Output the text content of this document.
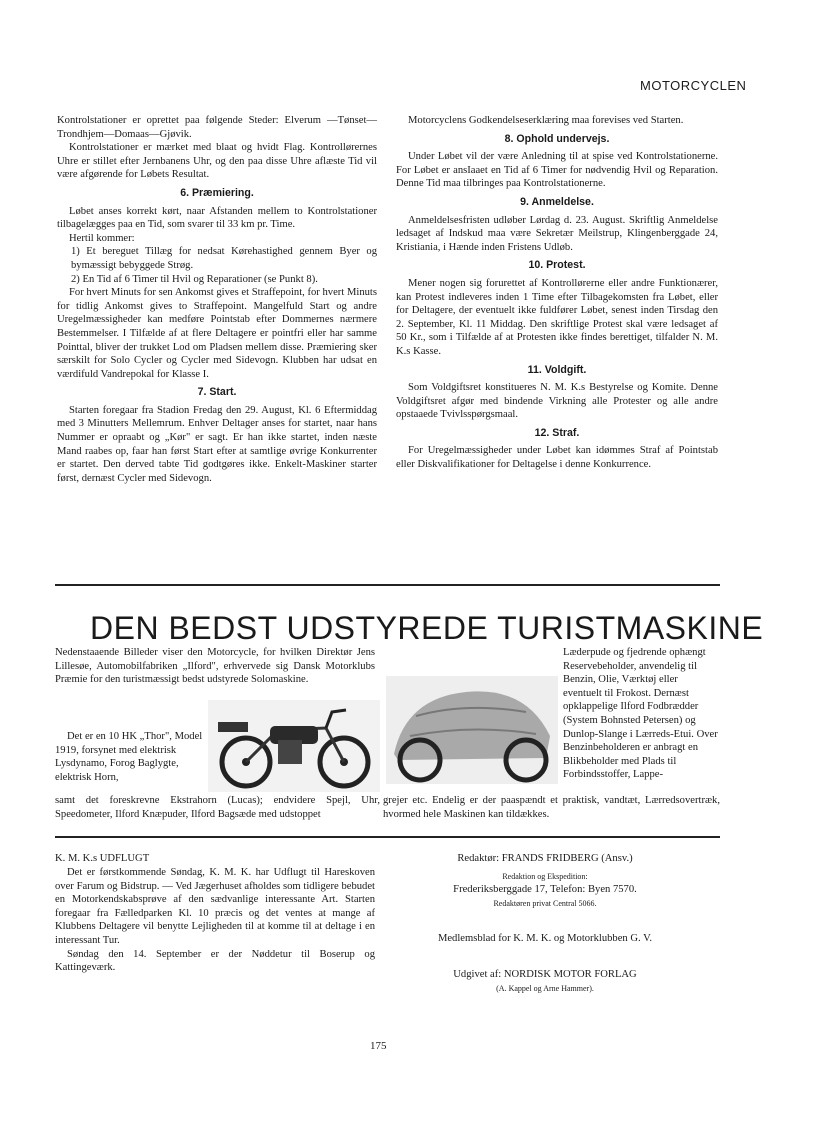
MOTORCYCLEN

Kontrolstationer er oprettet paa følgende Steder: Elverum —Tønset—Trondhjem—Domaas—Gjøvik.

Kontrolstationer er mærket med blaat og hvidt Flag. Kontrollørernes Uhre er stillet efter Jernbanens Uhr, og den paa disse Uhre aflæste Tid vil være afgørende for Løbets Resultat.

6. Præmiering.

Løbet anses korrekt kørt, naar Afstanden mellem to Kontrolstationer tilbagelægges paa en Tid, som svarer til 33 km pr. Time.

Hertil kommer:

1) Et bereguet Tillæg for nedsat Kørehastighed gennem Byer og bymæssigt bebyggede Strøg.

2) En Tid af 6 Timer til Hvil og Reparationer (se Punkt 8).

For hvert Minuts for sen Ankomst gives et Straffepoint, for hvert Minuts for tidlig Ankomst gives to Straffepoint. Mangelfuld Start og andre Uregelmæssigheder kan medføre Pointstab efter Dommernes nærmere Bestemmelser. I Tilfælde af at flere Deltagere er pointfri eller har samme Pointtal, bliver der trukket Lod om Pladsen mellem disse. Præmiering sker særskilt for Solo Cycler og Cycler med Sidevogn. Klubben har udsat en værdifuld Vandrepokal for Klasse I.

7. Start.

Starten foregaar fra Stadion Fredag den 29. August, Kl. 6 Eftermiddag med 3 Minutters Mellemrum. Enhver Deltager anses for startet, naar hans Nummer er opraabt og „Kør" er sagt. Er han ikke startet, inden næste Mand raabes op, faar han først Start efter at samtlige øvrige Konkurrenter er startet. Den derved tabte Tid godtgøres ikke. Enkelt-Maskiner starter først, dernæst Cycler med Sidevogn.

Motorcyclens Godkendelseserklæring maa forevises ved Starten.

8. Ophold undervejs.

Under Løbet vil der være Anledning til at spise ved Kontrolstationerne. For Løbet er ansIaaet en Tid af 6 Timer for nødvendig Hvil og Reparation. Denne Tid maa tilbringes paa Kontrolstationerne.

9. Anmeldelse.

Anmeldelsesfristen udløber Lørdag d. 23. August. Skriftlig Anmeldelse ledsaget af Indskud maa være Sekretær Meilstrup, Klingenberggade 24, Kristiania, i Hænde inden Fristens Udløb.

10. Protest.

Mener nogen sig forurettet af Kontrollørerne eller andre Funktionærer, kan Protest indleveres inden 1 Time efter Tilbagekomsten fra Løbet, eller for Deltagere, der eventuelt ikke fuldfører Løbet, senest inden Tirsdag den 2. September, Kl. 11 Middag. Den skriftlige Protest skal være ledsaget af 50 Kr., som i Tilfælde af at Protesten ikke findes berettiget, tilfalder N. M. K.s Kasse.

11. Voldgift.

Som Voldgiftsret konstitueres N. M. K.s Bestyrelse og Komite. Denne Voldgiftsret afgør med bindende Virkning alle Protester og alle andre opstaaede Tvivlsspørgsmaal.

12. Straf.

For Uregelmæssigheder under Løbet kan idømmes Straf af Pointstab eller Diskvalifikationer for Deltagelse i denne Konkurrence.

DEN BEDST UDSTYREDE TURISTMASKINE

Nedenstaaende Billeder viser den Motorcycle, for hvilken Direktør Jens Lillesøe, Automobilfabriken „Ilford", erhvervede sig Dansk Motorklubs Præmie for den turistmæssigt bedst udstyrede Solomaskine.

Det er en 10 HK „Thor", Model 1919, forsynet med elektrisk Lysdynamo, Forog Baglygte, elektrisk Horn,

samt det foreskrevne Ekstrahorn (Lucas); endvidere Spejl, Uhr, Speedometer, Ilford Knæpuder, Ilford Bagsæde med udstoppet

Læderpude og fjedrende ophængt Reservebeholder, anvendelig til Benzin, Olie, Værktøj eller eventuelt til Frokost. Dernæst opklappelige Ilford Fodbrædder (System Bohnsted Petersen) og Dunlop-Slange i Lærreds-Etui. Over Benzinbeholderen er anbragt en Blikbeholder med Plads til Forbindsstoffer, Lappe-

grejer etc. Endelig er der paaspændt et praktisk, vandtæt, Lærredsovertræk, hvormed hele Maskinen kan tildækkes.

K. M. K.s UDFLUGT

Det er førstkommende Søndag, K. M. K. har Udflugt til Hareskoven over Farum og Bidstrup. — Ved Jægerhuset afholdes som tidligere bebudet en Motorkendskabsprøve af den sædvanlige interessante Art. Starten foregaar fra Fælledparken Kl. 10 præcis og det ventes at mange af Klubbens Deltagere vil benytte Lejligheden til at komme til at deltage i en interessant Tur.

Søndag den 14. September er der Nøddetur til Boserup og Kattingeværk.

Redaktør: FRANDS FRIDBERG (Ansv.)
Redaktion og Ekspedition:
Frederiksberggade 17, Telefon: Byen 7570.
Redaktøren privat Central 5066.
Medlemsblad for K. M. K. og Motorklubben G. V.
Udgivet af: NORDISK MOTOR FORLAG
(A. Kappel og Arne Hammer).
175
